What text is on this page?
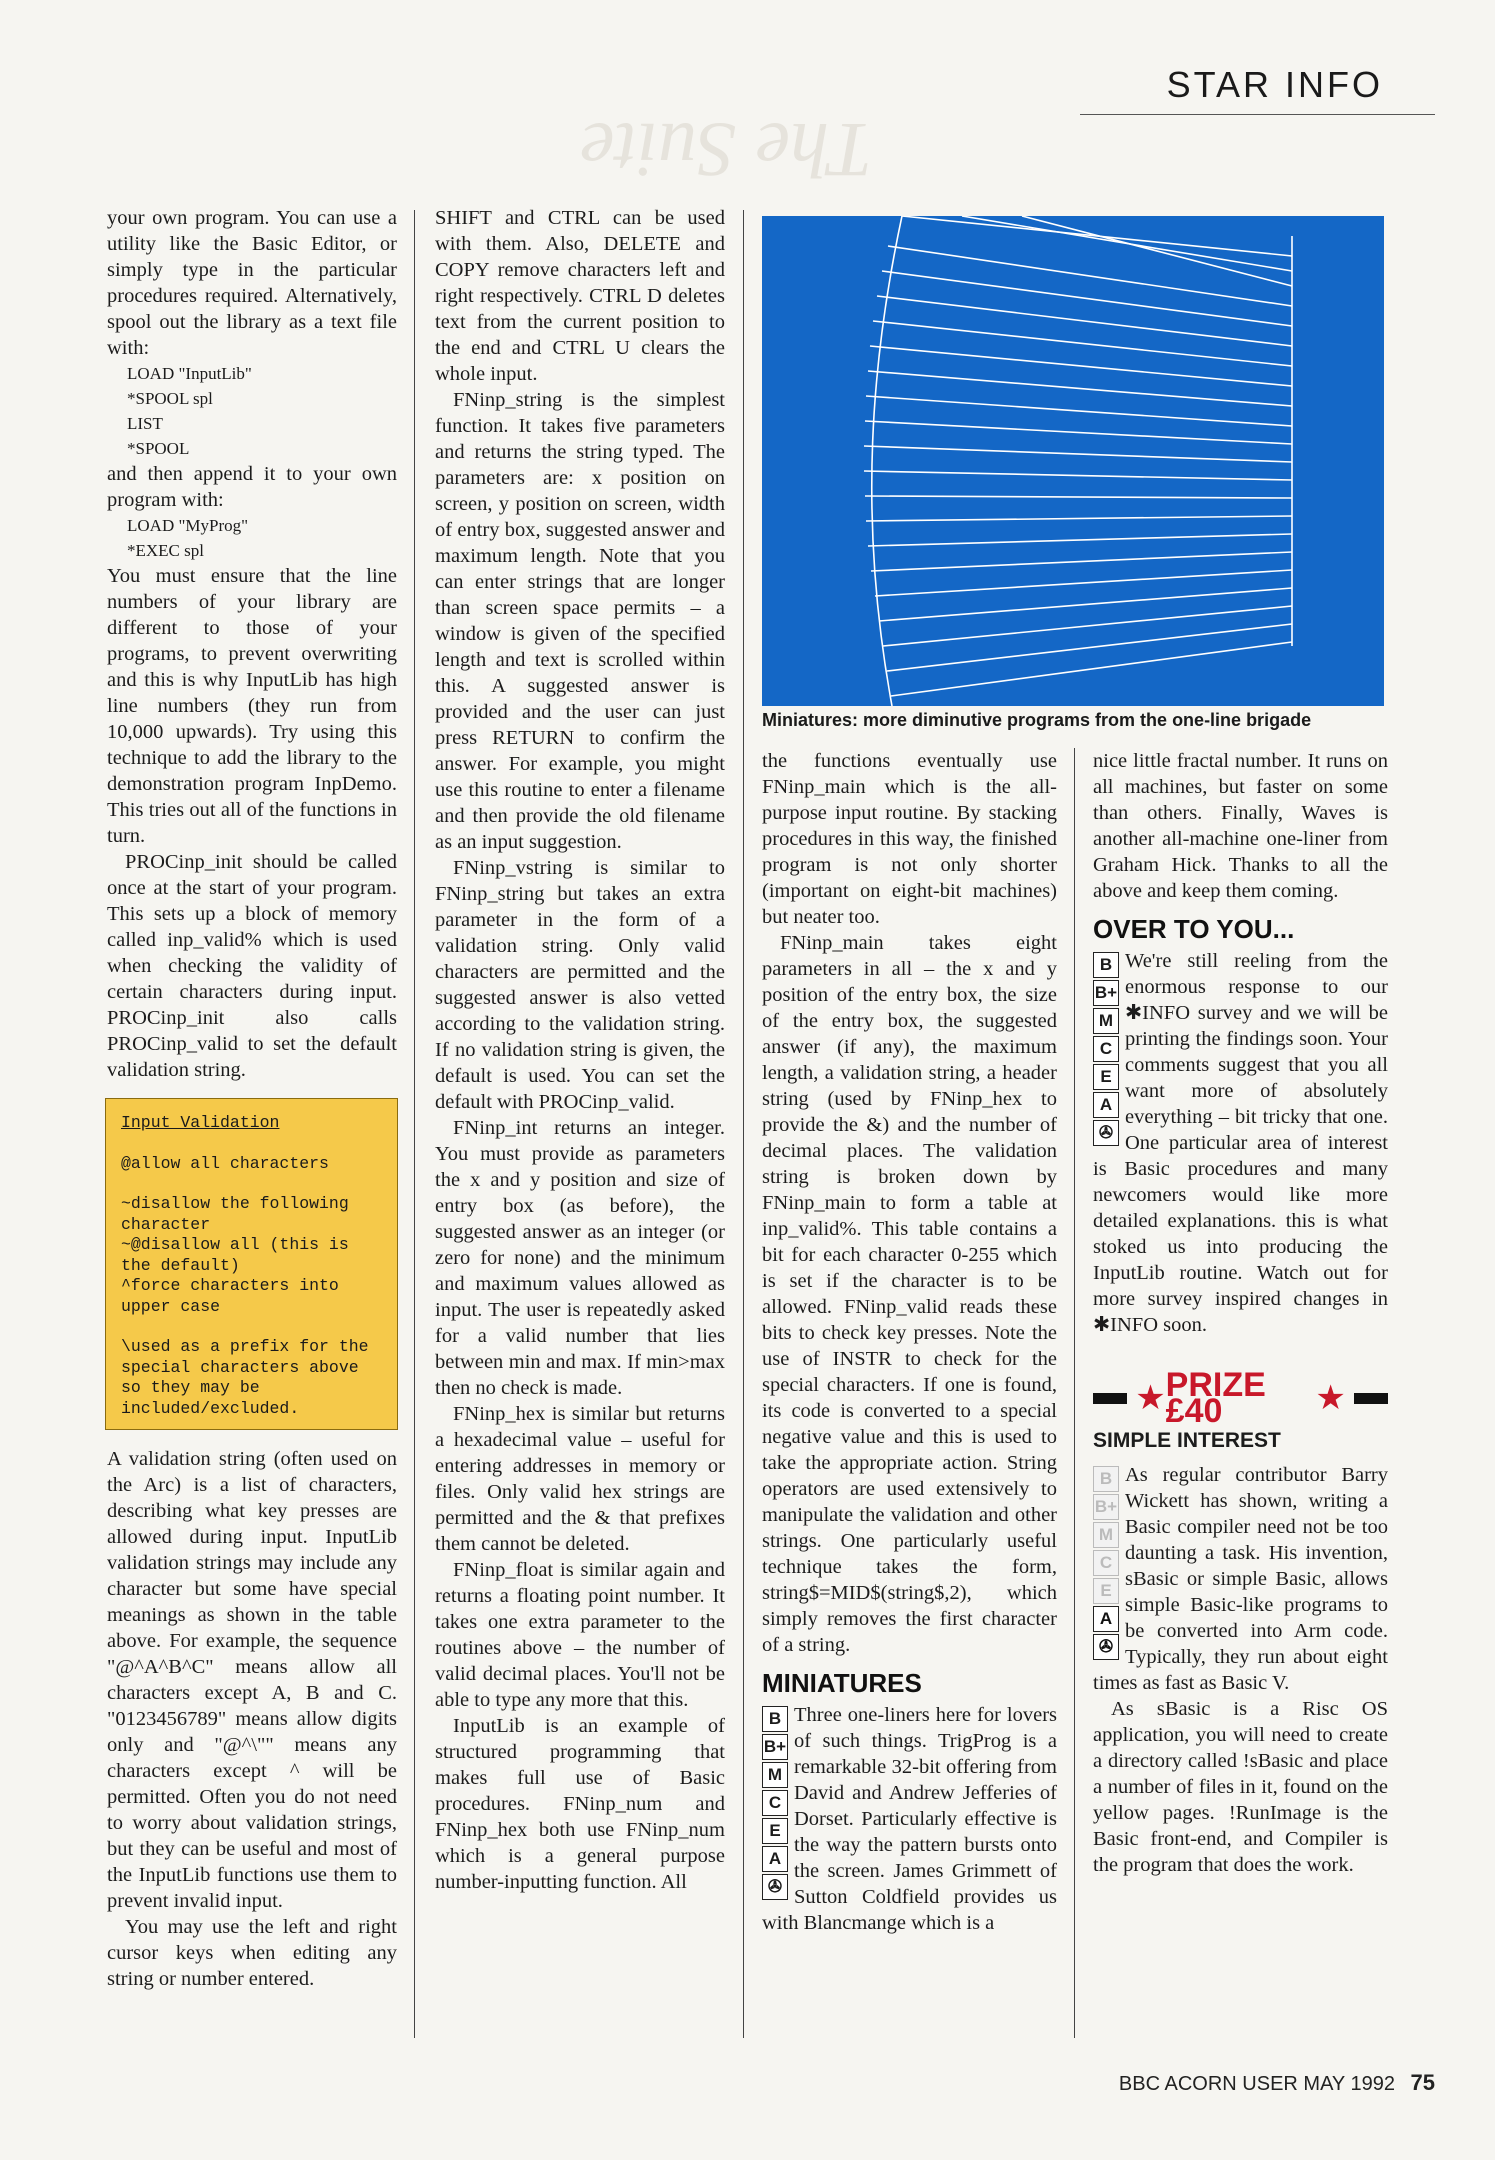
The Suite
STAR INFO

your own program. You can use a utility like the Basic Editor, or simply type in the particular procedures required. Alternatively, spool out the library as a text file with:

LOAD "InputLib"
*SPOOL spl
LIST
*SPOOL

and then append it to your own program with:

LOAD "MyProg"
*EXEC spl

You must ensure that the line numbers of your library are different to those of your programs, to prevent overwriting and this is why InputLib has high line numbers (they run from 10,000 upwards). Try using this technique to add the library to the demonstration program InpDemo. This tries out all of the functions in turn.

PROCinp_init should be called once at the start of your program. This sets up a block of memory called inp_valid% which is used when checking the validity of certain characters during input. PROCinp_init also calls PROCinp_valid to set the default validation string.

Input Validation
@allow all characters
~disallow the following character
~@disallow all (this is the default)
^force characters into upper case
\used as a prefix for the special characters above so they may be included/excluded.

A validation string (often used on the Arc) is a list of characters, describing what key presses are allowed during input. InputLib validation strings may include any character but some have special meanings as shown in the table above. For example, the sequence "@^A^B^C" means allow all characters except A, B and C. "0123456789" means allow digits only and "@^\"" means any characters except ^ will be permitted. Often you do not need to worry about validation strings, but they can be useful and most of the InputLib functions use them to prevent invalid input.

You may use the left and right cursor keys when editing any string or number entered.

SHIFT and CTRL can be used with them. Also, DELETE and COPY remove characters left and right respectively. CTRL D deletes text from the current position to the end and CTRL U clears the whole input.

FNinp_string is the simplest function. It takes five parameters and returns the string typed. The parameters are: x position on screen, y position on screen, width of entry box, suggested answer and maximum length. Note that you can enter strings that are longer than screen space permits – a window is given of the specified length and text is scrolled within this. A suggested answer is provided and the user can just press RETURN to confirm the answer. For example, you might use this routine to enter a filename and then provide the old filename as an input suggestion.

FNinp_vstring is similar to FNinp_string but takes an extra parameter in the form of a validation string. Only valid characters are permitted and the suggested answer is also vetted according to the validation string. If no validation string is given, the default is used. You can set the default with PROCinp_valid.

FNinp_int returns an integer. You must provide as parameters the x and y position and size of entry box (as before), the suggested answer as an integer (or zero for none) and the minimum and maximum values allowed as input. The user is repeatedly asked for a valid number that lies between min and max. If min>max then no check is made.

FNinp_hex is similar but returns a hexadecimal value – useful for entering addresses in memory or files. Only valid hex strings are permitted and the & that prefixes them cannot be deleted.

FNinp_float is similar again and returns a floating point number. It takes one extra parameter to the routines above – the number of valid decimal places. You'll not be able to type any more that this.

InputLib is an example of structured programming that makes full use of Basic procedures. FNinp_num and FNinp_hex both use FNinp_num which is a general purpose number-inputting function. All

Miniatures: more diminutive programs from the one-line brigade

the functions eventually use FNinp_main which is the all-purpose input routine. By stacking procedures in this way, the finished program is not only shorter (important on eight-bit machines) but neater too.

FNinp_main takes eight parameters in all – the x and y position of the entry box, the size of the entry box, the suggested answer (if any), the maximum length, a validation string, a header string (used by FNinp_hex to provide the &) and the number of decimal places. The validation string is broken down by FNinp_main to form a table at inp_valid%. This table contains a bit for each character 0-255 which is set if the character is to be allowed. FNinp_valid reads these bits to check key presses. Note the use of INSTR to check for the special characters. If one is found, its code is converted to a special negative value and this is used to take the appropriate action. String operators are used extensively to manipulate the validation and other strings. One particularly useful technique takes the form, string$=MID$(string$,2), which simply removes the first character of a string.

MINIATURES
B
B+
M
C
E
A
✇

Three one-liners here for lovers of such things. TrigProg is a remarkable 32-bit offering from David and Andrew Jefferies of Dorset. Particularly effective is the way the pattern bursts onto the screen. James Grimmett of Sutton Coldfield provides us with Blancmange which is a

nice little fractal number. It runs on all machines, but faster on some than others. Finally, Waves is another all-machine one-liner from Graham Hick. Thanks to all the above and keep them coming.

OVER TO YOU...
B
B+
M
C
E
A
✇

We're still reeling from the enormous response to our ✱INFO survey and we will be printing the findings soon. Your comments suggest that you all want more of absolutely everything – bit tricky that one. One particular area of interest is Basic procedures and many newcomers would like more detailed explanations. this is what stoked us into producing the InputLib routine. Watch out for more survey inspired changes in ✱INFO soon.

★ PRIZE £40	★
SIMPLE INTEREST
B
B+
M
C
E
A
✇

As regular contributor Barry Wickett has shown, writing a Basic compiler need not be too daunting a task. His invention, sBasic or simple Basic, allows simple Basic-like programs to be converted into Arm code. Typically, they run about eight times as fast as Basic V.

As sBasic is a Risc OS application, you will need to create a directory called !sBasic and place a number of files in it, found on the yellow pages. !RunImage is the Basic front-end, and Compiler is the program that does the work.

BBC ACORN USER MAY 1992 75
